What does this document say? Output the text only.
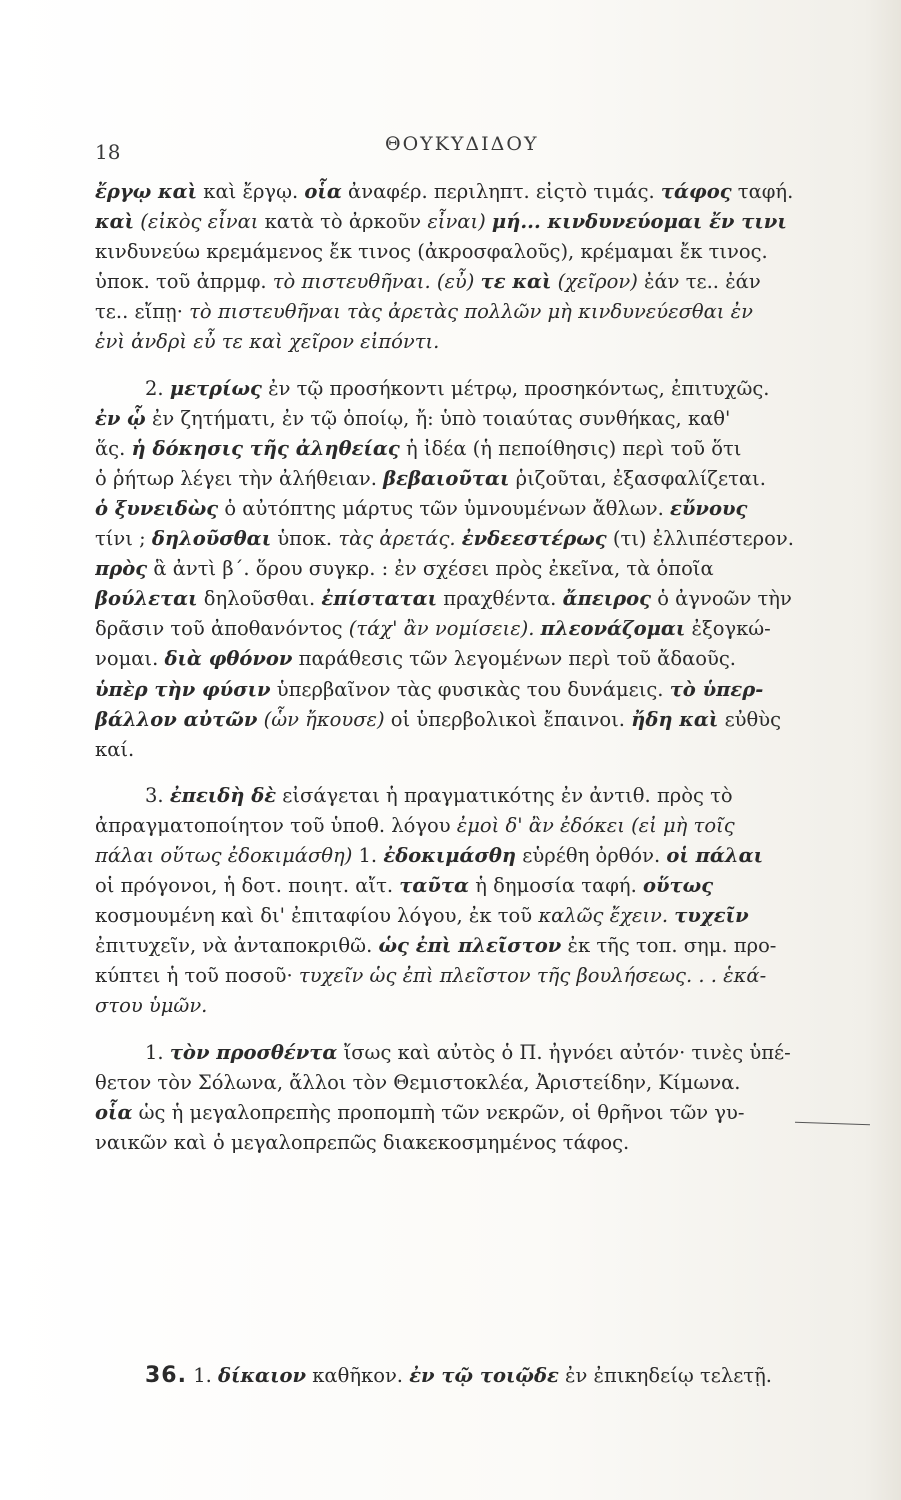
18	ΘΟΥΚΥΔΙΔΟΥ
ἔργῳ καὶ καὶ ἔργῳ. οἷα ἀναφέρ. περιληπτ. εἰςτὸ τιμάς. τάφος ταφή.
καὶ (εἰκὸς εἶναι κατὰ τὸ ἀρκοῦν εἶναι) μή... κινδυνεύομαι ἔν τινι
κινδυνεύω κρεμάμενος ἔκ τινος (ἀκροσφαλοῦς), κρέμαμαι ἔκ τινος.
ὑποκ. τοῦ ἀπρμφ. τὸ πιστευθῆναι. (εὖ) τε καὶ (χεῖρον) ἐάν τε.. ἐάν
τε.. εἴπῃ· τὸ πιστευθῆναι τὰς ἀρετὰς πολλῶν μὴ κινδυνεύεσθαι ἐν
ἑνὶ ἀνδρὶ εὖ τε καὶ χεῖρον εἰπόντι.
2. μετρίως ἐν τῷ προσήκοντι μέτρῳ, προσηκόντως, ἐπιτυχῶς.
ἐν ᾧ ἐν ζητήματι, ἐν τῷ ὁποίῳ, ἤ: ὑπὸ τοιαύτας συνθήκας, καθ'
ἅς. ἡ δόκησις τῆς ἀληθείας ἡ ἰδέα (ἡ πεποίθησις) περὶ τοῦ ὅτι
ὁ ῥήτωρ λέγει τὴν ἀλήθειαν. βεβαιοῦται ῥιζοῦται, ἐξασφαλίζεται.
ὁ ξυνειδὼς ὁ αὐτόπτης μάρτυς τῶν ὑμνουμένων ἄθλων. εὔνους
τίνι ; δηλοῦσθαι ὑποκ. τὰς ἀρετάς. ἐνδεεστέρως (τι) ἐλλιπέστερον.
πρὸς ἃ ἀντὶ β΄. ὅρου συγκρ. : ἐν σχέσει πρὸς ἐκεῖνα, τὰ ὁποῖα
βούλεται δηλοῦσθαι. ἐπίσταται πραχθέντα. ἄπειρος ὁ ἀγνοῶν τὴν
δρᾶσιν τοῦ ἀποθανόντος (τάχ' ἂν νομίσειε). πλεονάζομαι ἐξογκώ-
νομαι. διὰ φθόνον παράθεσις τῶν λεγομένων περὶ τοῦ ἄδαοῦς.
ὑπὲρ τὴν φύσιν ὑπερβαῖνον τὰς φυσικὰς του δυνάμεις. τὸ ὑπερ-
βάλλον αὐτῶν (ὧν ἤκουσε) οἱ ὑπερβολικοὶ ἔπαινοι. ἤδη καὶ εὐθὺς
καί.
3. ἐπειδὴ δὲ εἰσάγεται ἡ πραγματικότης ἐν ἀντιθ. πρὸς τὸ
ἀπραγματοποίητον τοῦ ὑποθ. λόγου ἐμοὶ δ' ἂν ἐδόκει (εἰ μὴ τοῖς
πάλαι οὕτως ἐδοκιμάσθη) 1. ἐδοκιμάσθη εὑρέθη ὀρθόν. οἱ πάλαι
οἱ πρόγονοι, ἡ δοτ. ποιητ. αἴτ. ταῦτα ἡ δημοσία ταφή. οὕτως
κοσμουμένη καὶ δι' ἐπιταφίου λόγου, ἐκ τοῦ καλῶς ἔχειν. τυχεῖν
ἐπιτυχεῖν, νὰ ἀνταποκριθῶ. ὡς ἐπὶ πλεῖστον ἐκ τῆς τοπ. σημ. προ-
κύπτει ἡ τοῦ ποσοῦ· τυχεῖν ὡς ἐπὶ πλεῖστον τῆς βουλήσεως. . . ἑκά-
στου ὑμῶν.
1. τὸν προσθέντα ἴσως καὶ αὐτὸς ὁ Π. ἠγνόει αὐτόν· τινὲς ὑπέ-
θετον τὸν Σόλωνα, ἄλλοι τὸν Θεμιστοκλέα, Ἀριστείδην, Κίμωνα.
οἷα ὡς ἡ μεγαλοπρεπὴς προπομπὴ τῶν νεκρῶν, οἱ θρῆνοι τῶν γυ-
ναικῶν καὶ ὁ μεγαλοπρεπῶς διακεκοσμημένος τάφος.
36. 1. δίκαιον καθῆκον. ἐν τῷ τοιῷδε ἐν ἐπικηδείῳ τελετῇ.
